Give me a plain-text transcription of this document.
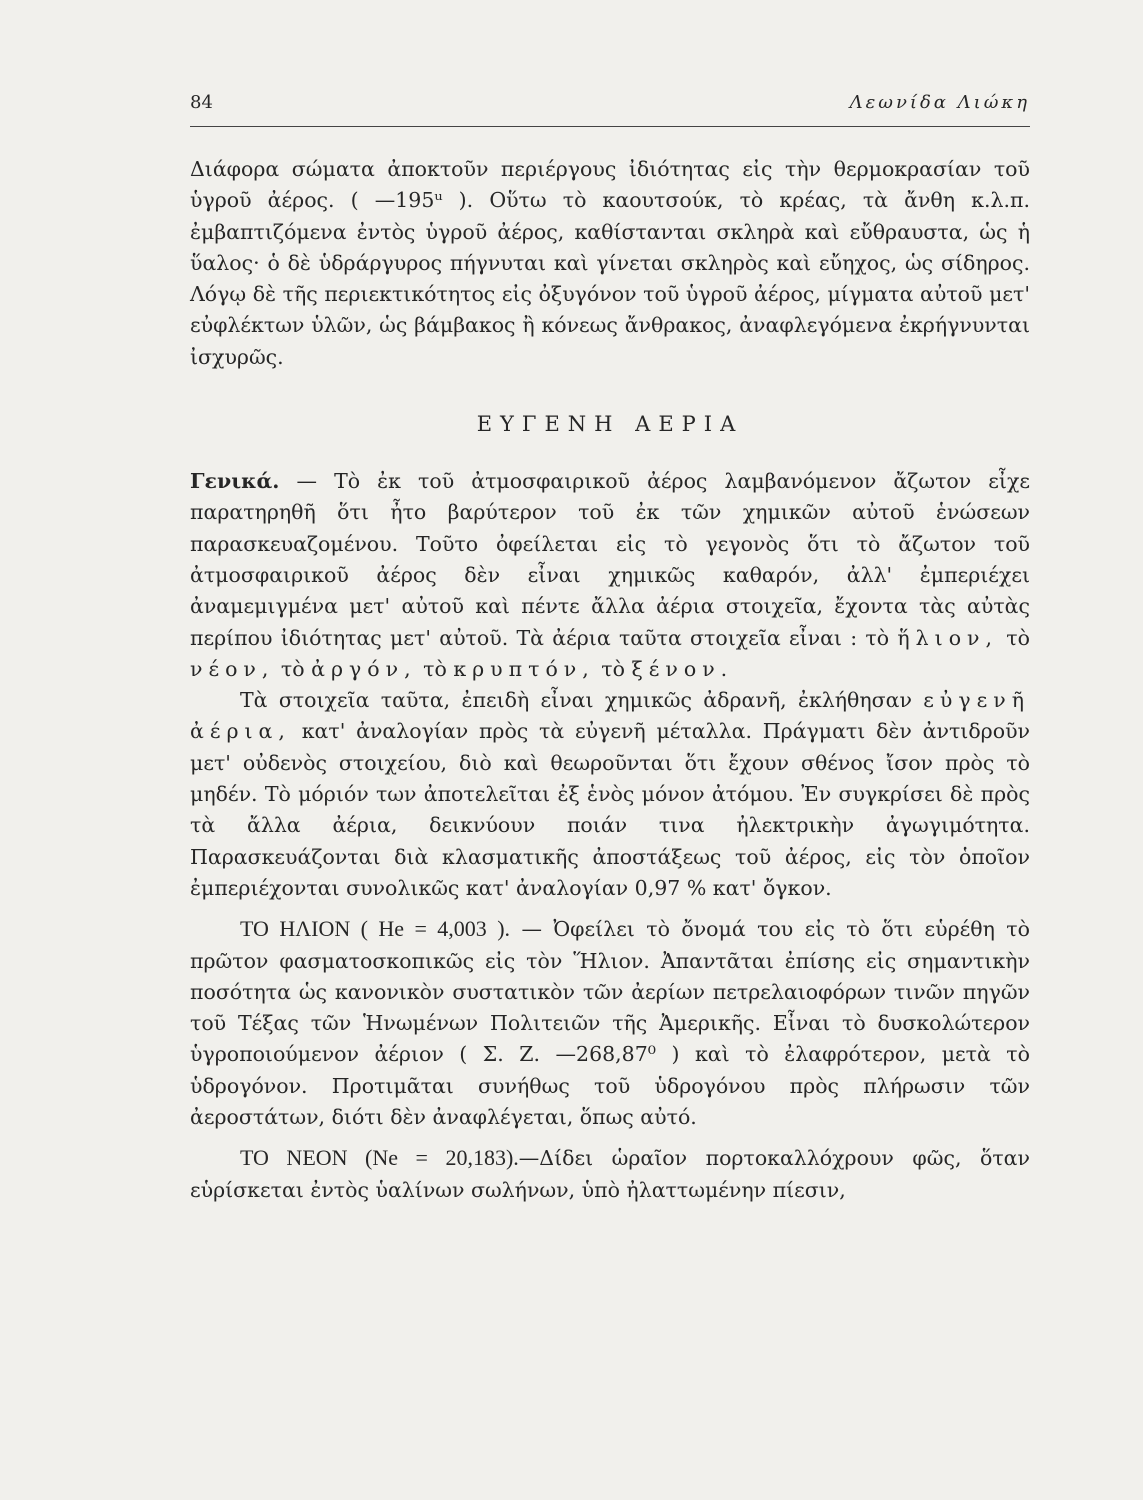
84	Λεωνίδα Λιώκη

Διάφορα σώματα ἀποκτοῦν περιέργους ἰδιότητας εἰς τὴν θερμοκρασίαν τοῦ ὑγροῦ ἀέρος. ( —195ᵘ ). Οὕτω τὸ καουτσούκ, τὸ κρέας, τὰ ἄνθη κ.λ.π. ἐμβαπτιζόμενα ἐντὸς ὑγροῦ ἀέρος, καθίστανται σκληρὰ καὶ εὔθραυστα, ὡς ἡ ὕαλος· ὁ δὲ ὑδράργυρος πήγνυται καὶ γίνεται σκληρὸς καὶ εὔηχος, ὡς σίδηρος. Λόγῳ δὲ τῆς περιεκτικότητος εἰς ὀξυγόνον τοῦ ὑγροῦ ἀέρος, μίγματα αὐτοῦ μετ' εὐφλέκτων ὑλῶν, ὡς βάμβακος ἢ κόνεως ἄνθρακος, ἀναφλεγόμενα ἐκρήγνυνται ἰσχυρῶς.

ΕΥΓΕΝΗ ΑΕΡΙΑ

Γενικά. — Τὸ ἐκ τοῦ ἀτμοσφαιρικοῦ ἀέρος λαμβανόμενον ἄζωτον εἶχε παρατηρηθῆ ὅτι ἦτο βαρύτερον τοῦ ἐκ τῶν χημικῶν αὐτοῦ ἑνώσεων παρασκευαζομένου. Τοῦτο ὀφείλεται εἰς τὸ γεγονὸς ὅτι τὸ ἄζωτον τοῦ ἀτμοσφαιρικοῦ ἀέρος δὲν εἶναι χημικῶς καθαρόν, ἀλλ' ἐμπεριέχει ἀναμεμιγμένα μετ' αὐτοῦ καὶ πέντε ἄλλα ἀέρια στοιχεῖα, ἔχοντα τὰς αὐτὰς περίπου ἰδιότητας μετ' αὐτοῦ. Τὰ ἀέρια ταῦτα στοιχεῖα εἶναι : τὸ ἥλιον, τὸ νέον, τὸ ἀργόν, τὸ κρυπτόν, τὸ ξένον.

Τὰ στοιχεῖα ταῦτα, ἐπειδὴ εἶναι χημικῶς ἀδρανῆ, ἐκλήθησαν εὐγενῆ ἀέρια, κατ' ἀναλογίαν πρὸς τὰ εὐγενῆ μέταλλα. Πράγματι δὲν ἀντιδροῦν μετ' οὐδενὸς στοιχείου, διὸ καὶ θεωροῦνται ὅτι ἔχουν σθένος ἴσον πρὸς τὸ μηδέν. Τὸ μόριόν των ἀποτελεῖται ἐξ ἑνὸς μόνον ἀτόμου. Ἐν συγκρίσει δὲ πρὸς τὰ ἄλλα ἀέρια, δεικνύουν ποιάν τινα ἠλεκτρικὴν ἀγωγιμότητα. Παρασκευάζονται διὰ κλασματικῆς ἀποστάξεως τοῦ ἀέρος, εἰς τὸν ὁποῖον ἐμπεριέχονται συνολικῶς κατ' ἀναλογίαν 0,97 % κατ' ὄγκον.

ΤΟ ΗΛΙΟΝ ( He = 4,003 ). — Ὀφείλει τὸ ὄνομά του εἰς τὸ ὅτι εὑρέθη τὸ πρῶτον φασματοσκοπικῶς εἰς τὸν Ἥλιον. Ἀπαντᾶται ἐπίσης εἰς σημαντικὴν ποσότητα ὡς κανονικὸν συστατικὸν τῶν ἀερίων πετρελαιοφόρων τινῶν πηγῶν τοῦ Τέξας τῶν Ἡνωμένων Πολιτειῶν τῆς Ἀμερικῆς. Εἶναι τὸ δυσκολώτερον ὑγροποιούμενον ἀέριον ( Σ. Ζ. —268,87⁰ ) καὶ τὸ ἐλαφρότερον, μετὰ τὸ ὑδρογόνον. Προτιμᾶται συνήθως τοῦ ὑδρογόνου πρὸς πλήρωσιν τῶν ἀεροστάτων, διότι δὲν ἀναφλέγεται, ὅπως αὐτό.

ΤΟ ΝΕΟΝ (Ne = 20,183).—Δίδει ὡραῖον πορτοκαλλόχρουν φῶς, ὅταν εὑρίσκεται ἐντὸς ὑαλίνων σωλήνων, ὑπὸ ἠλαττωμένην πίεσιν,
